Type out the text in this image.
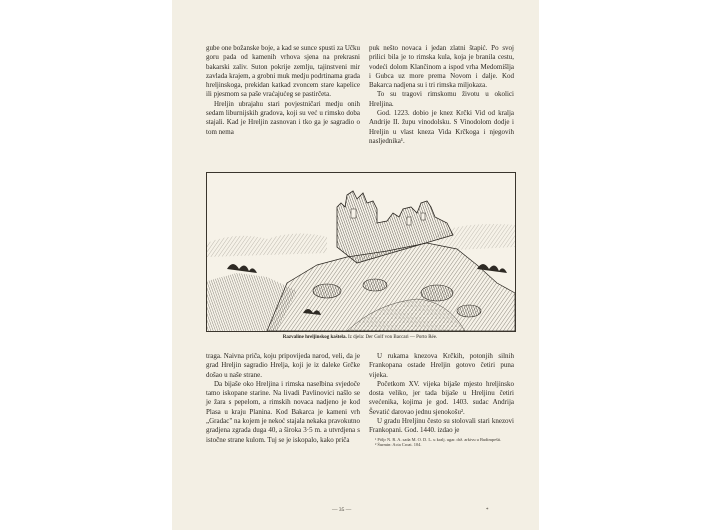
gube one božanske boje, a kad se sunce spusti za Učku goru pada od kamenih vrhova sjena na prekrasni bakarski zaliv. Suton pokrije zemlju, tajinstveni mir zavlada krajem, a grobni muk medju podrtinama grada hreljinskoga, prekidan katkad zvoncem stare kapelice ili pjesmom sa paše vraćajućeg se pastirčeta.

Hreljin ubrajahu stari povjestničari medju onih sedam liburnijskih gradova, koji su već u rimsko doba stajali. Kad je Hreljin zasnovan i tko ga je sagradio o tom nema

puk nešto novaca i jedan zlatni štapić. Po svoj prilici bila je to rimska kula, koja je branila cestu, vodeći dolom Klančinom a ispod vrha Medomišlja i Gubca uz more prema Novom i dalje. Kod Bakarca nadjena su i tri rimska miljokaza.

To su tragovi rimskomu životu u okolici Hreljina.

God. 1223. dobio je knez Krčki Vid od kralja Andrije II. župu vinodolsku. S Vinodolom dodje i Hreljin u vlast kneza Vida Krčkoga i njegovih nasljednika¹.

Razvaline hreljinskog kaštela. Iz djela: Der Golf von Baccari — Porto Rée.

traga. Naivna priča, koju pripovijeda narod, veli, da je grad Hreljin sagradio Hrelja, koji je iz daleke Grčke došao u naše strane.

Da bijaše oko Hreljina i rimska naselbina svjedoče tamo iskopane starine. Na livadi Pavlinovici našlo se je žara s pepelom, a rimskih novaca nadjeno je kod Plasa u kraju Planina. Kod Bakarca je kameni vrh „Gradac" na kojem je nekoć stajala nekaka pravokutno gradjena zgrada duga 40, a široka 3·5 m. a utvrdjena s istočne strane kulom. Tuj se je iskopalo, kako priča

U rukama knezova Krčkih, potonjih silnih Frankopana ostade Hreljin gotovo četiri puna vijeka.

Početkom XV. vijeka bijaše mjesto hreljinsko dosta veliko, jer tada bijaše u Hreljinu četiri svećenika, kojima je god. 1403. sudac Andrija Ševatić darovao jednu sjenokošu².

U gradu Hreljinu često su stolovali stari knezovi Frankopani. God. 1440. izdao je

¹ Pöljr N. R. A. sada M. O. D. L. u kralj. ugar. drž. arkivu u Budimpešti.

² Šurmin: Acta Croat. 104.

— 35 —	*
